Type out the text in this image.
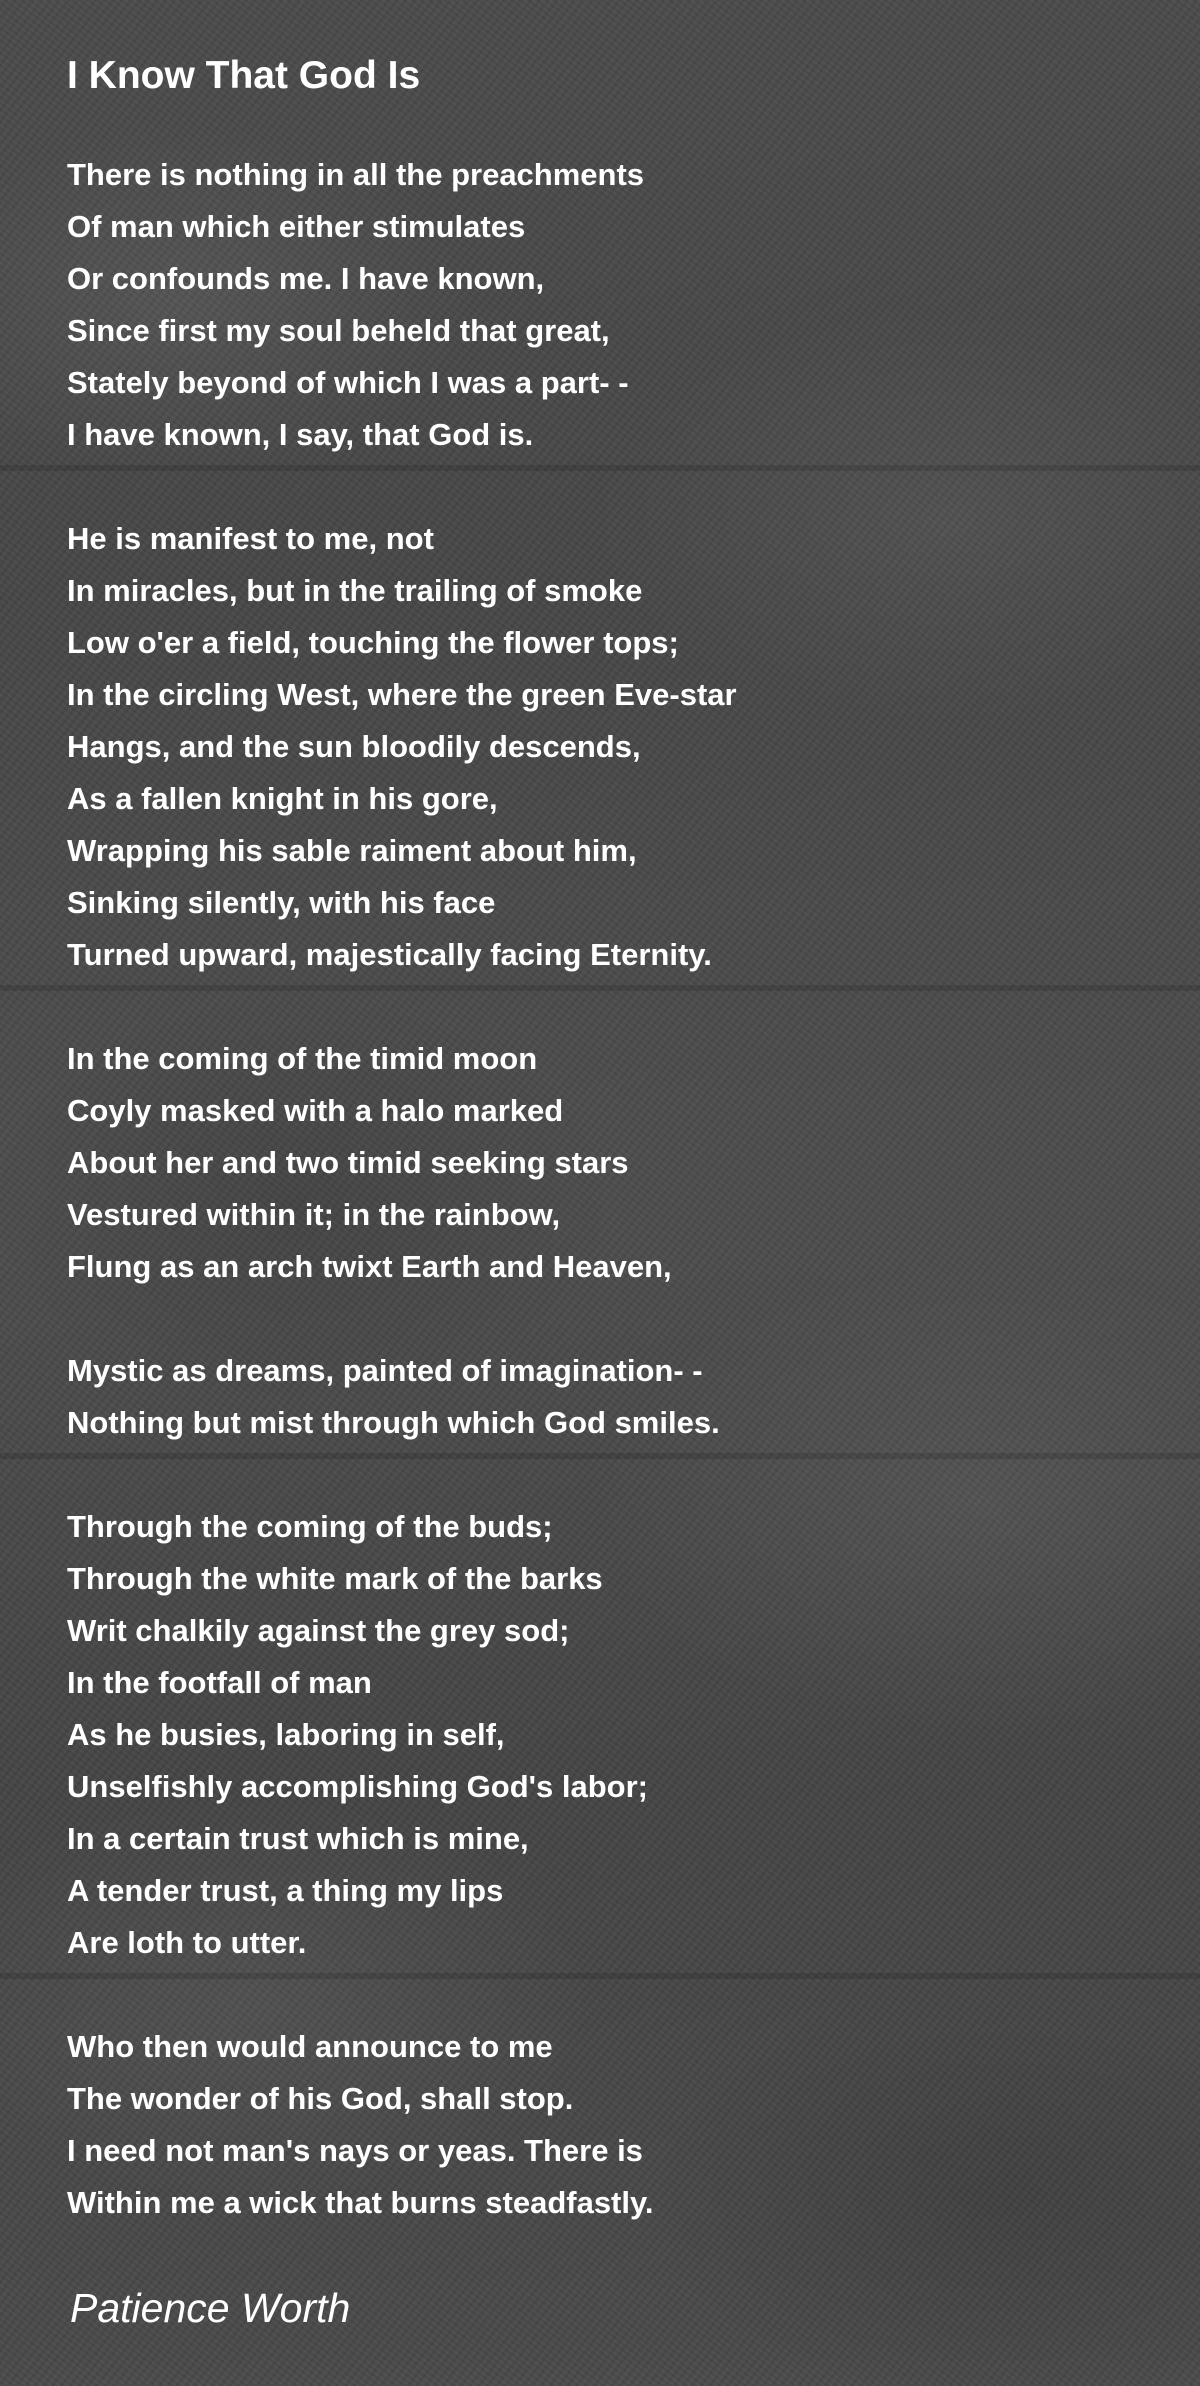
I Know That God Is
There is nothing in all the preachments
Of man which either stimulates
Or confounds me. I have known,
Since first my soul beheld that great,
Stately beyond of which I was a part- -
I have known, I say, that God is.
He is manifest to me, not
In miracles, but in the trailing of smoke
Low o'er a field, touching the flower tops;
In the circling West, where the green Eve-star
Hangs, and the sun bloodily descends,
As a fallen knight in his gore,
Wrapping his sable raiment about him,
Sinking silently, with his face
Turned upward, majestically facing Eternity.
In the coming of the timid moon
Coyly masked with a halo marked
About her and two timid seeking stars
Vestured within it; in the rainbow,
Flung as an arch twixt Earth and Heaven,
Mystic as dreams, painted of imagination- -
Nothing but mist through which God smiles.
Through the coming of the buds;
Through the white mark of the barks
Writ chalkily against the grey sod;
In the footfall of man
As he busies, laboring in self,
Unselfishly accomplishing God's labor;
In a certain trust which is mine,
A tender trust, a thing my lips
Are loth to utter.
Who then would announce to me
The wonder of his God, shall stop.
I need not man's nays or yeas. There is
Within me a wick that burns steadfastly.

Patience Worth
